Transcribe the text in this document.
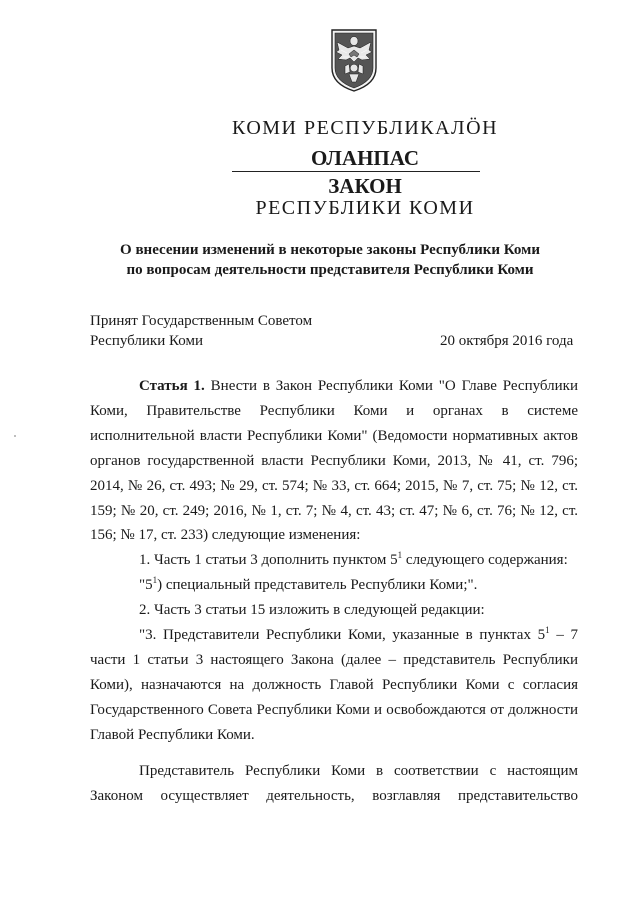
КОМИ РЕСПУБЛИКАЛÖН
ОЛАНПАС
ЗАКОН
РЕСПУБЛИКИ КОМИ
О внесении изменений в некоторые законы Республики Коми
по вопросам деятельности представителя Республики Коми
Принят Государственным Советом
Республики Коми	20 октября 2016 года

Статья 1. Внести в Закон Республики Коми "О Главе Республики Коми, Правительстве Республики Коми и органах в системе исполнительной власти Республики Коми" (Ведомости нормативных актов органов государственной власти Республики Коми, 2013, № 41, ст. 796; 2014, № 26, ст. 493; № 29, ст. 574; № 33, ст. 664; 2015, № 7, ст. 75; № 12, ст. 159; № 20, ст. 249; 2016, № 1, ст. 7; № 4, ст. 43; ст. 47; № 6, ст. 76; № 12, ст. 156; № 17, ст. 233) следующие изменения:

1. Часть 1 статьи 3 дополнить пунктом $5^1$ следующего содержания:

"$5^1$) специальный представитель Республики Коми;".

2. Часть 3 статьи 15 изложить в следующей редакции:

"3. Представители Республики Коми, указанные в пунктах $5^1 - 7$ части 1 статьи 3 настоящего Закона (далее – представитель Республики Коми), назначаются на должность Главой Республики Коми с согласия Государственного Совета Республики Коми и освобождаются от должности Главой Республики Коми.

Представитель Республики Коми в соответствии с настоящим Законом осуществляет деятельность, возглавляя представительство
